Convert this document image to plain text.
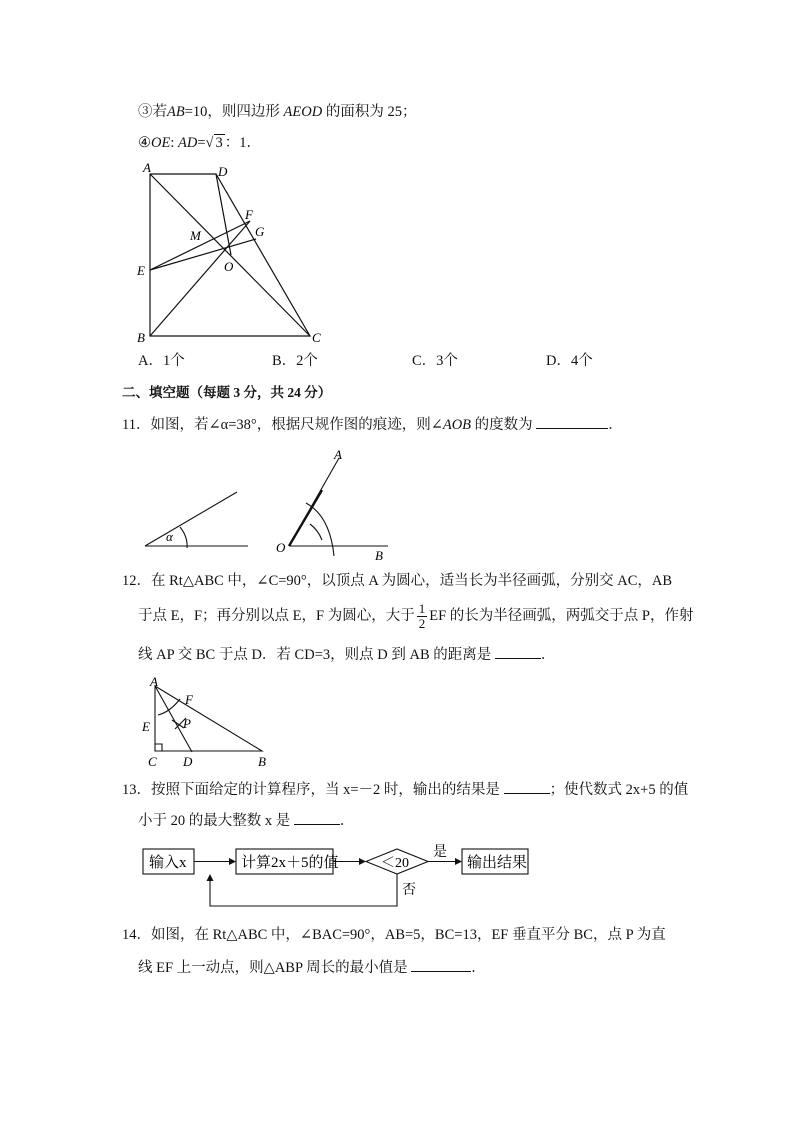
③若AB=10，则四边形 AEOD 的面积为 25；
④OE: AD=√ 3 ：1．
A	D
F
G
M
E	O
B	C
A．1个	B．2个	C．3个	D．4个
二、填空题（每题 3 分，共 24 分）
11．如图，若∠α=38°，根据尺规作图的痕迹，则∠AOB 的度数为	．
α
A
O
B
12．在 Rt△ABC 中，∠C=90°，以顶点 A 为圆心，适当长为半径画弧，分别交 AC，AB
于点 E，F；再分别以点 E，F 为圆心，大于 $\frac{1}{2}$ EF 的长为半径画弧，两弧交于点 P，作射
线 AP 交 BC 于点 D．若 CD=3，则点 D 到 AB 的距离是	．
A
F
E	P
C D	B
13．按照下面给定的计算程序，当 x=－2 时，输出的结果是	；使代数式 2x+5 的值
小于 20 的最大整数 x 是	．
输入x	计算2x＋5的值	＜20
是
否
输出结果
14．如图，在 Rt△ABC 中，∠BAC=90°，AB=5，BC=13，EF 垂直平分 BC，点 P 为直
线 EF 上一动点，则△ABP 周长的最小值是	．
